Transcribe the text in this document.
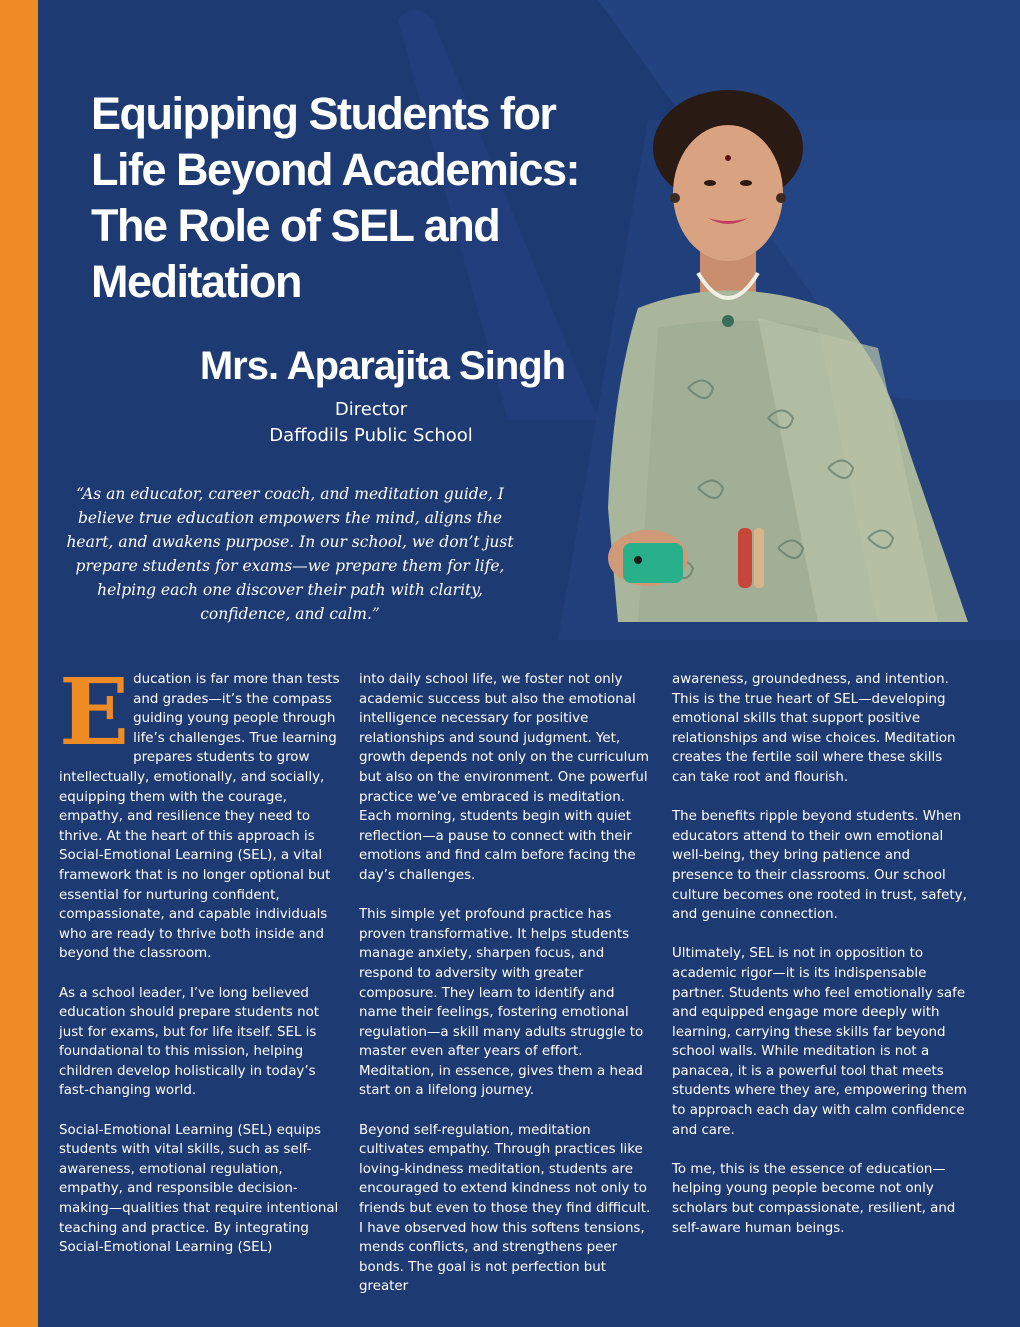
Equipping Students for
Life Beyond Academics:
The Role of SEL and
Meditation
Mrs. Aparajita Singh
Director
Daffodils Public School
“As an educator, career coach, and meditation guide, I believe true education empowers the mind, aligns the heart, and awakens purpose. In our school, we don’t just prepare students for exams—we prepare them for life, helping each one discover their path with clarity, confidence, and calm.”

Education is far more than tests and grades—it’s the compass guiding young people through life’s challenges. True learning prepares students to grow intellectually, emotionally, and socially, equipping them with the courage, empathy, and resilience they need to thrive. At the heart of this approach is Social-Emotional Learning (SEL), a vital framework that is no longer optional but essential for nurturing confident, compassionate, and capable individuals who are ready to thrive both inside and beyond the classroom.

As a school leader, I’ve long believed education should prepare students not just for exams, but for life itself. SEL is foundational to this mission, helping children develop holistically in today’s fast-changing world.

Social-Emotional Learning (SEL) equips students with vital skills, such as self-awareness, emotional regulation, empathy, and responsible decision-making—qualities that require intentional teaching and practice. By integrating Social-Emotional Learning (SEL)

into daily school life, we foster not only academic success but also the emotional intelligence necessary for positive relationships and sound judgment. Yet, growth depends not only on the curriculum but also on the environment. One powerful practice we’ve embraced is meditation. Each morning, students begin with quiet reflection—a pause to connect with their emotions and find calm before facing the day’s challenges.

This simple yet profound practice has proven transformative. It helps students manage anxiety, sharpen focus, and respond to adversity with greater composure. They learn to identify and name their feelings, fostering emotional regulation—a skill many adults struggle to master even after years of effort. Meditation, in essence, gives them a head start on a lifelong journey.

Beyond self-regulation, meditation cultivates empathy. Through practices like loving-kindness meditation, students are encouraged to extend kindness not only to friends but even to those they find difficult. I have observed how this softens tensions, mends conflicts, and strengthens peer bonds. The goal is not perfection but greater

awareness, groundedness, and intention. This is the true heart of SEL—developing emotional skills that support positive relationships and wise choices. Meditation creates the fertile soil where these skills can take root and flourish.

The benefits ripple beyond students. When educators attend to their own emotional well-being, they bring patience and presence to their classrooms. Our school culture becomes one rooted in trust, safety, and genuine connection.

Ultimately, SEL is not in opposition to academic rigor—it is its indispensable partner. Students who feel emotionally safe and equipped engage more deeply with learning, carrying these skills far beyond school walls. While meditation is not a panacea, it is a powerful tool that meets students where they are, empowering them to approach each day with calm confidence and care.

To me, this is the essence of education—helping young people become not only scholars but compassionate, resilient, and self-aware human beings.
